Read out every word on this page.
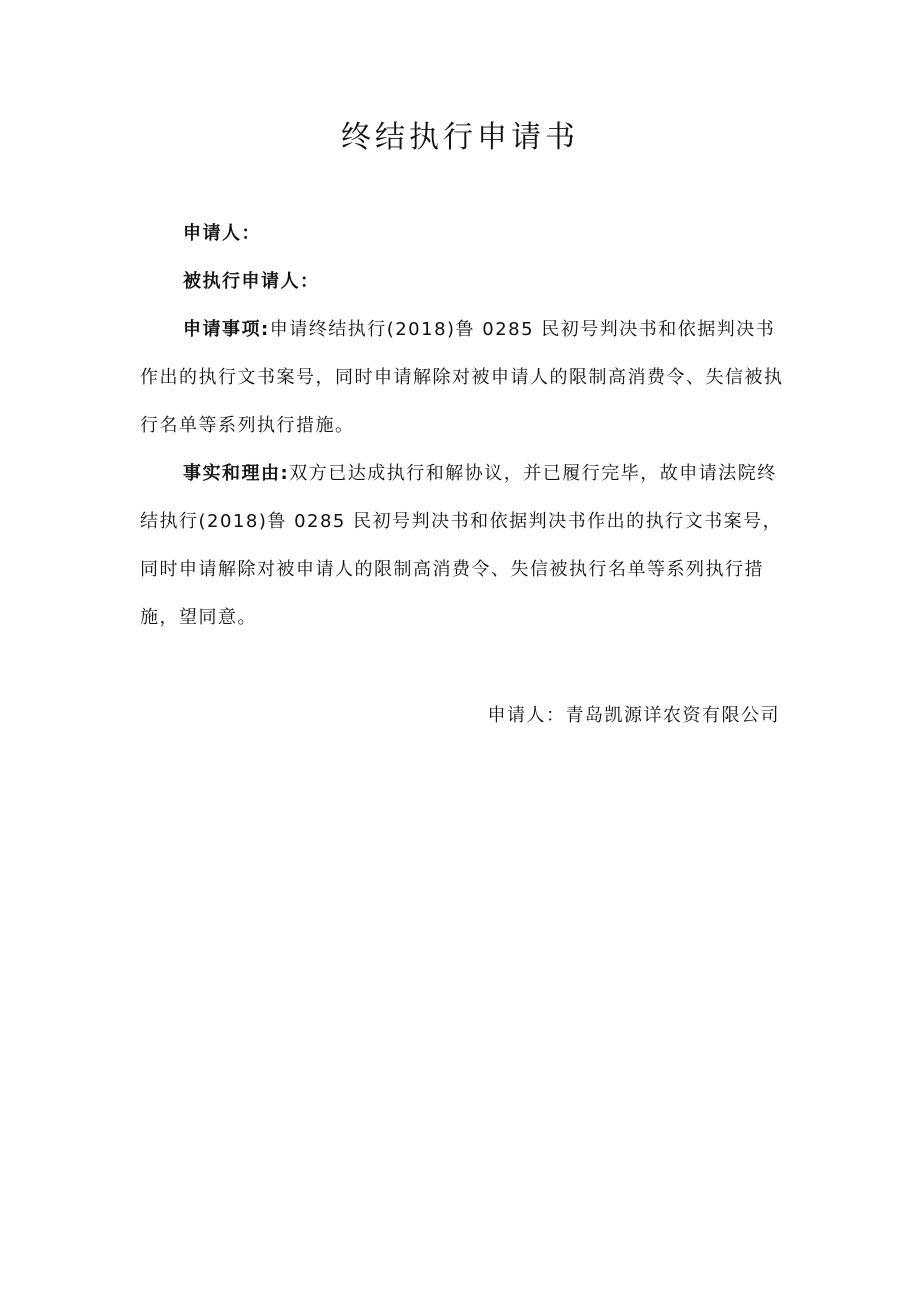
终结执行申请书

申请人：

被执行申请人：

申请事项:申请终结执行(2018)鲁 0285 民初号判决书和依据判决书作出的执行文书案号，同时申请解除对被申请人的限制高消费令、失信被执行名单等系列执行措施。

事实和理由:双方已达成执行和解协议，并已履行完毕，故申请法院终结执行(2018)鲁 0285 民初号判决书和依据判决书作出的执行文书案号，同时申请解除对被申请人的限制高消费令、失信被执行名单等系列执行措施，望同意。

申请人：青岛凯源详农资有限公司
